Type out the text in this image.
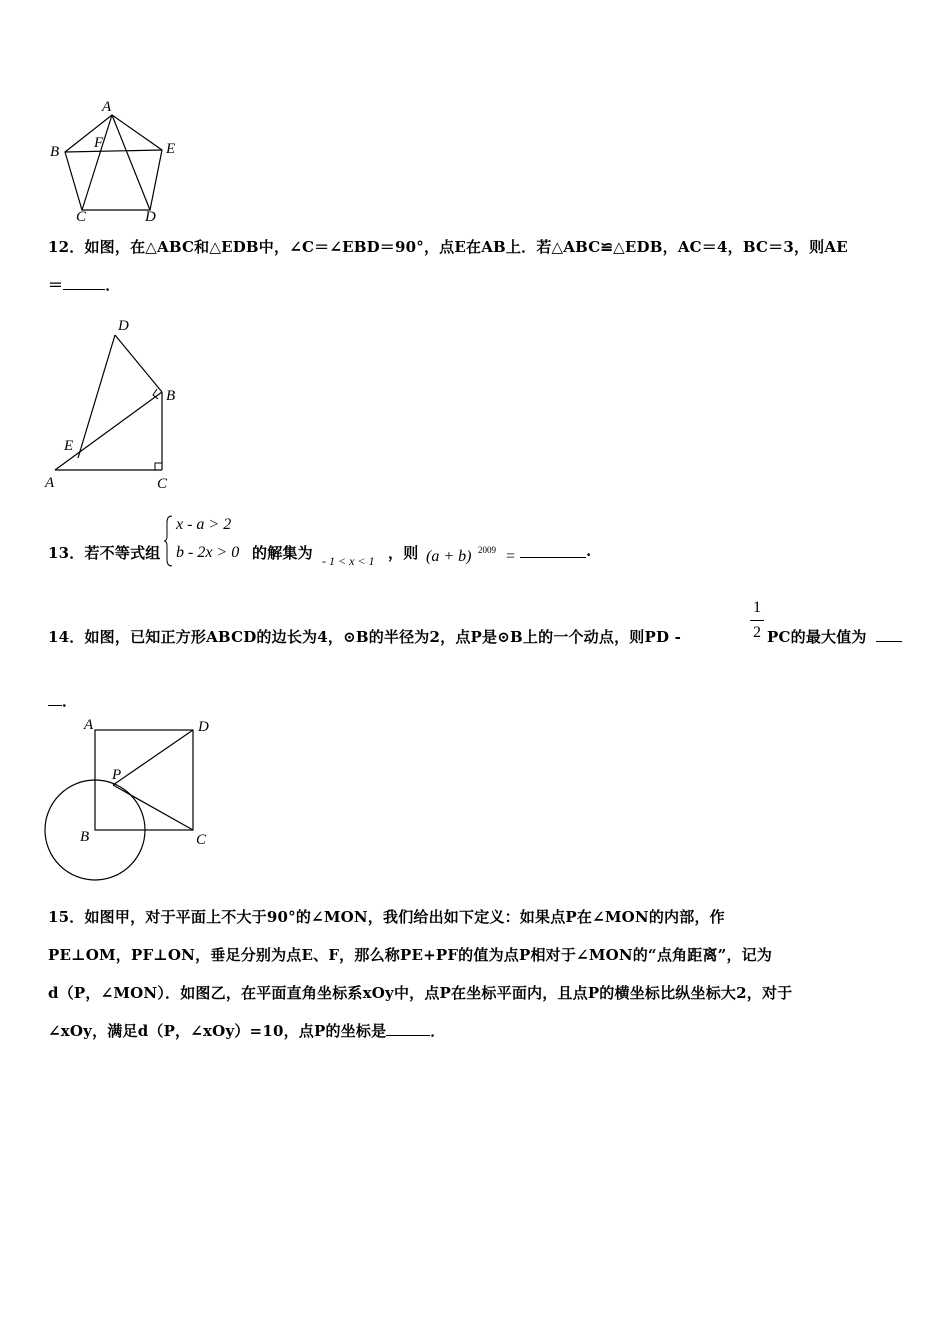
A
B
C	D
E
F
12．如图，在△ABC和△EDB中，∠C＝∠EBD＝90°，点E在AB上．若△ABC≌△EDB，AC＝4，BC＝3，则AE
＝	．
D
B
E
A	C
13．若不等式组
x - a > 2
b - 2x > 0 的解集为 - 1 < x < 1 ，则 (a + b) 2009 =	.
14．如图，已知正方形ABCD的边长为4，⊙B的半径为2，点P是⊙B上的一个动点，则PD -
1
2 PC的最大值为
．
A	D
P
B	C
15．如图甲，对于平面上不大于90°的∠MON，我们给出如下定义：如果点P在∠MON的内部，作
PE⊥OM，PF⊥ON，垂足分别为点E、F，那么称PE+PF的值为点P相对于∠MON的“点角距离”，记为
d（P，∠MON）．如图乙，在平面直角坐标系xOy中，点P在坐标平面内，且点P的横坐标比纵坐标大2，对于
∠xOy，满足d（P，∠xOy）=10，点P的坐标是	．
